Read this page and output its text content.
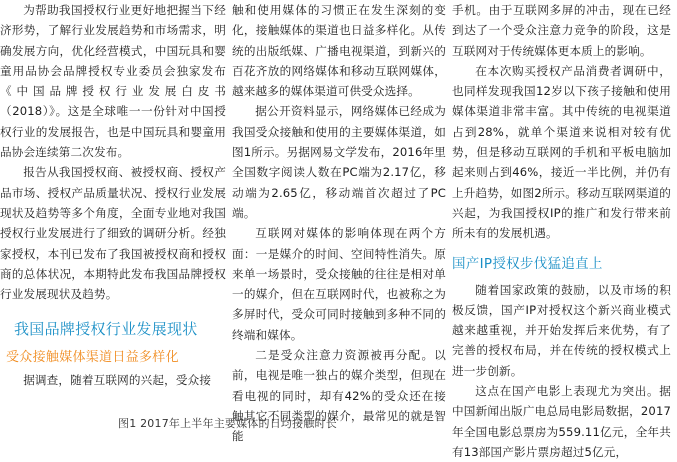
为帮助我国授权行业更好地把握当下经济形势，了解行业发展趋势和市场需求，明确发展方向，优化经营模式，中国玩具和婴童用品协会品牌授权专业委员会独家发布《中国品牌授权行业发展白皮书（2018）》。这是全球唯一一份针对中国授权行业的发展报告，也是中国玩具和婴童用品协会连续第二次发布。

报告从我国授权商、被授权商、授权产品市场、授权产品质量状况、授权行业发展现状及趋势等多个角度，全面专业地对我国授权行业发展进行了细致的调研分析。经独家授权，本刊已发布了我国被授权商和授权商的总体状况，本期特此发布我国品牌授权行业发展现状及趋势。

我国品牌授权行业发展现状
受众接触媒体渠道日益多样化

据调查，随着互联网的兴起，受众接

触和使用媒体的习惯正在发生深刻的变化，接触媒体的渠道也日益多样化。从传统的出版纸媒、广播电视渠道，到新兴的百花齐放的网络媒体和移动互联网媒体，越来越多的媒体渠道可供受众选择。

据公开资料显示，网络媒体已经成为我国受众接触和使用的主要媒体渠道，如图1所示。另据网易文学发布，2016年里全国数字阅读人数在PC端为2.17亿，移动端为2.65亿，移动端首次超过了PC端。

互联网对媒体的影响体现在两个方面：一是媒介的时间、空间特性消失。原来单一场景时，受众接触的往往是相对单一的媒介，但在互联网时代，也被称之为多屏时代，受众可同时接触到多种不同的终端和媒体。

二是受众注意力资源被再分配。以前，电视是唯一独占的媒介类型，但现在看电视的同时，却有42%的受众还在接触其它不同类型的媒介，最常见的就是智能

手机。由于互联网多屏的冲击，现在已经到达了一个受众注意力竞争的阶段，这是互联网对于传统媒体更本质上的影响。

在本次购买授权产品消费者调研中，也同样发现我国12岁以下孩子接触和使用媒体渠道非常丰富。其中传统的电视渠道占到28%，就单个渠道来说相对较有优势，但是移动互联网的手机和平板电脑加起来则占到46%，接近一半比例，并仍有上升趋势，如图2所示。移动互联网渠道的兴起，为我国授权IP的推广和发行带来前所未有的发展机遇。

国产IP授权步伐猛追直上

随着国家政策的鼓励，以及市场的积极反馈，国产IP对授权这个新兴商业模式越来越重视，并开始发挥后来优势，有了完善的授权布局，并在传统的授权模式上进一步创新。

这点在国产电影上表现尤为突出。据中国新闻出版广电总局电影局数据，2017年全国电影总票房为559.11亿元，全年共有13部国产影片票房超过5亿元，

图1 2017年上半年主要媒体的日均接触时长
